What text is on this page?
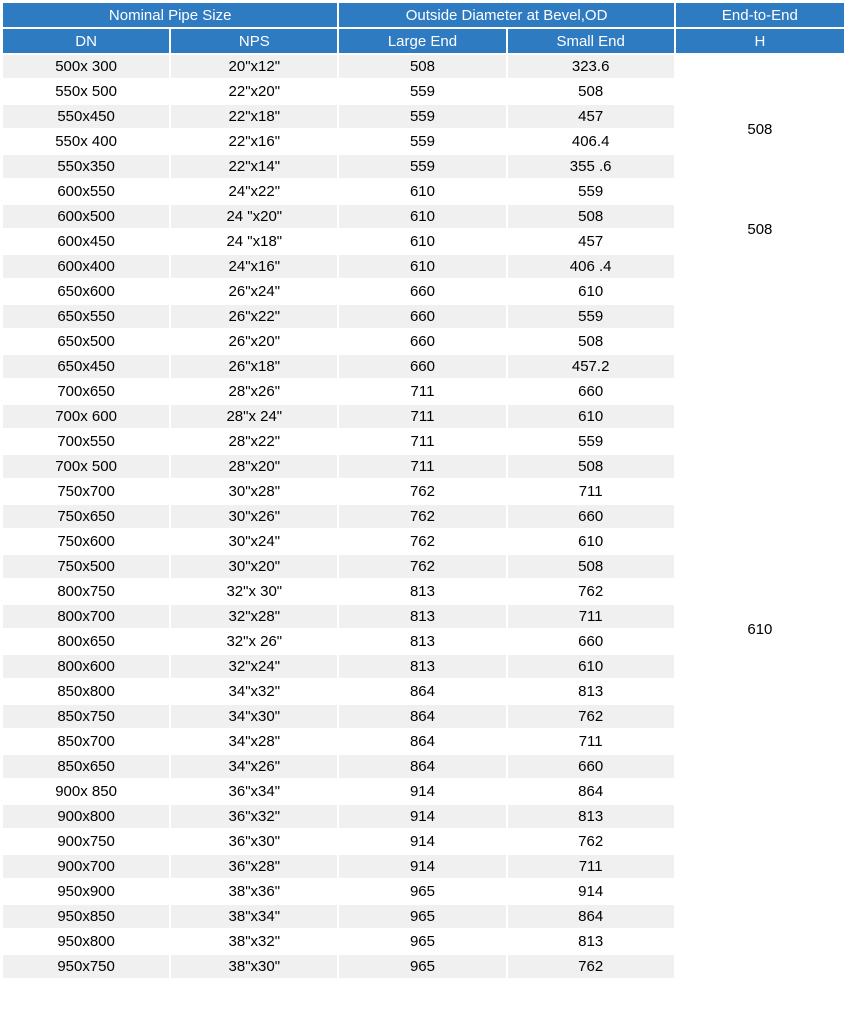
Nominal Pipe Size		Outside Diameter at Bevel,OD		End-to-End
DN	NPS	Large End	Small End	H
500x 300	20"x12"	508	323.6	
550x 500	22"x20"	559	508	508
550x450	22"x18"	559	457	
550x 400	22"x16"	559	406.4	
550x350	22"x14"	559	355 .6	
600x550	24"x22"	610	559	508
600x500	24 "x20"	610	508	
600x450	24 "x18"	610	457	
600x400	24"x16"	610	406 .4	
650x600	26"x24"	660	610	610
650x550	26"x22"	660	559	
650x500	26"x20"	660	508	
650x450	26"x18"	660	457.2	
700x650	28"x26"	711	660	
700x 600	28"x 24"	711	610	
700x550	28"x22"	711	559	
700x 500	28"x20"	711	508	
750x700	30"x28"	762	711	
750x650	30"x26"	762	660	
750x600	30"x24"	762	610	
750x500	30"x20"	762	508	
800x750	32"x 30"	813	762	
800x700	32"x28"	813	711	
800x650	32"x 26"	813	660	
800x600	32"x24"	813	610	
850x800	34"x32"	864	813	
850x750	34"x30"	864	762	
850x700	34"x28"	864	711	
850x650	34"x26"	864	660	
900x 850	36"x34"	914	864	
900x800	36"x32"	914	813	
900x750	36"x30"	914	762	
900x700	36"x28"	914	711	
950x900	38"x36"	965	914	
950x850	38"x34"	965	864	
950x800	38"x32"	965	813	
950x750	38"x30"	965	762	
